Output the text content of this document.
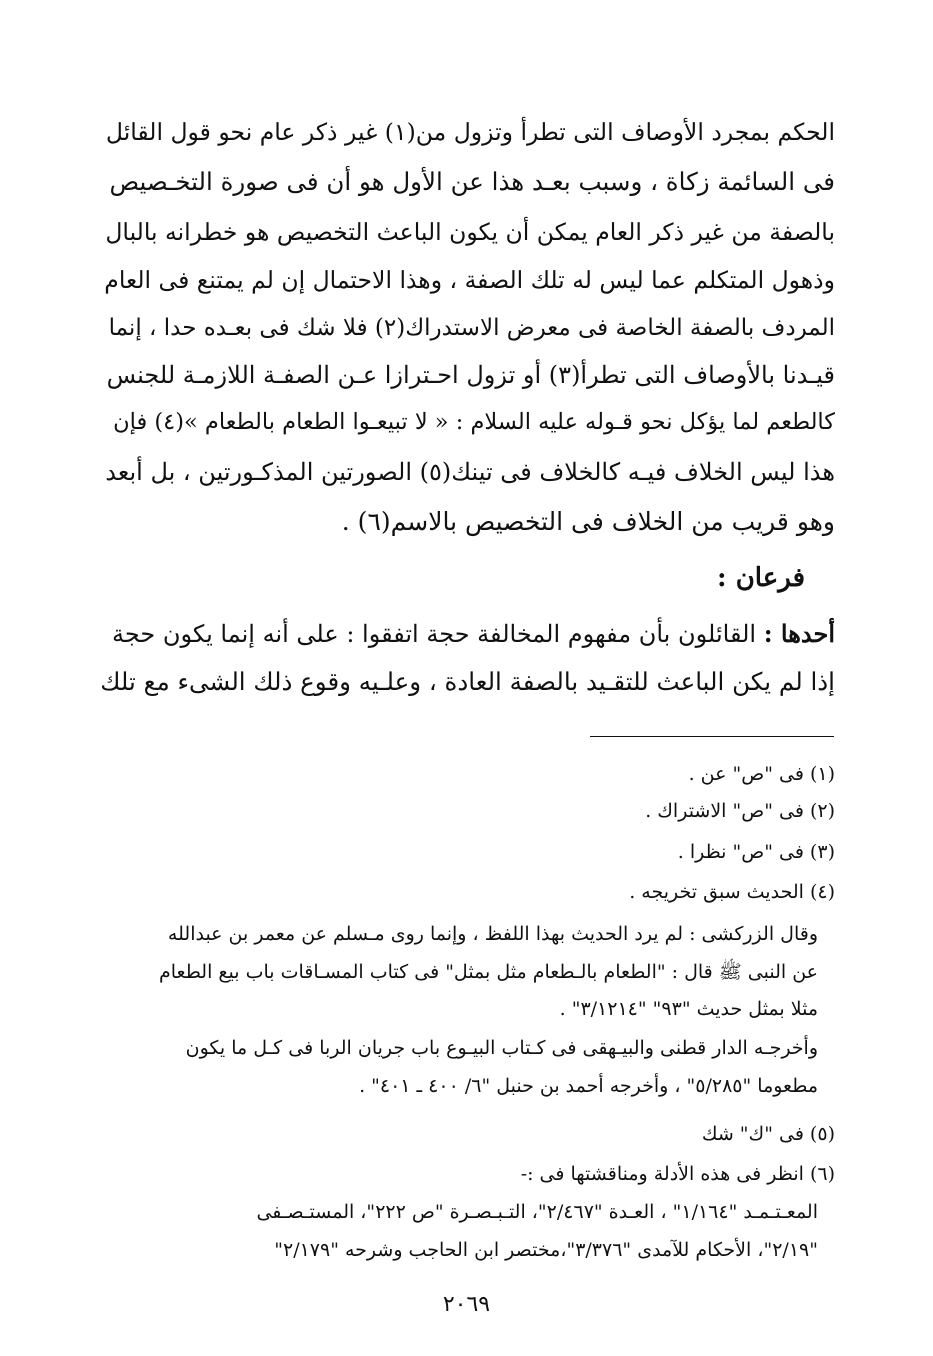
الحكم بمجرد الأوصاف التى تطرأ وتزول من(١) غير ذكر عام نحو قول القائل
فى السائمة زكاة ، وسبب بعـد هذا عن الأول هو أن فى صورة التخـصيص
بالصفة من غير ذكر العام يمكن أن يكون الباعث التخصيص هو خطرانه بالبال
وذهول المتكلم عما ليس له تلك الصفة ، وهذا الاحتمال إن لم يمتنع فى العام
المردف بالصفة الخاصة فى معرض الاستدراك(٢) فلا شك فى بعـده حدا ، إنما
قيـدنا بالأوصاف التى تطرأ(٣) أو تزول احـترازا عـن الصفـة اللازمـة للجنس
كالطعم لما يؤكل نحو قـوله عليه السلام : « لا تبيعـوا الطعام بالطعام »(٤) فإن
هذا ليس الخلاف فيـه كالخلاف فى تينك(٥) الصورتين المذكـورتين ، بل أبعد
وهو قريب من الخلاف فى التخصيص بالاسم(٦) .
فرعان :
أحدها : القائلون بأن مفهوم المخالفة حجة اتفقوا : على أنه إنما يكون حجة
إذا لم يكن الباعث للتقـيد بالصفة العادة ، وعلـيه وقوع ذلك الشىء مع تلك
(١) فى "ص" عن .
(٢) فى "ص" الاشتراك .
(٣) فى "ص" نظرا .
(٤) الحديث سبق تخريجه .
وقال الزركشى : لم يرد الحديث بهذا اللفظ ، وإنما روى مـسلم عن معمر بن عبدالله
عن النبى ﷺ قال : "الطعام بالـطعام مثل بمثل" فى كتاب المسـاقات باب بيع الطعام
مثلا بمثل حديث "٩٣" "٣/١٢١٤" .
وأخرجـه الدار قطنى والبيـهقى فى كـتاب البيـوع باب جريان الربا فى كـل ما يكون
مطعوما "٥/٢٨٥" ، وأخرجه أحمد بن حنبل "٦/ ٤٠٠ ـ ٤٠١" .
(٥) فى "ك" شك
(٦) انظر فى هذه الأدلة ومناقشتها فى :-
المعـتـمـد "١/١٦٤" ، العـدة "٢/٤٦٧"، التـبـصـرة "ص ٢٢٢"، المستـصـفى
"٢/١٩"، الأحكام للآمدى "٣/٣٧٦"،مختصر ابن الحاجب وشرحه "٢/١٧٩"
٢٠٦٩
